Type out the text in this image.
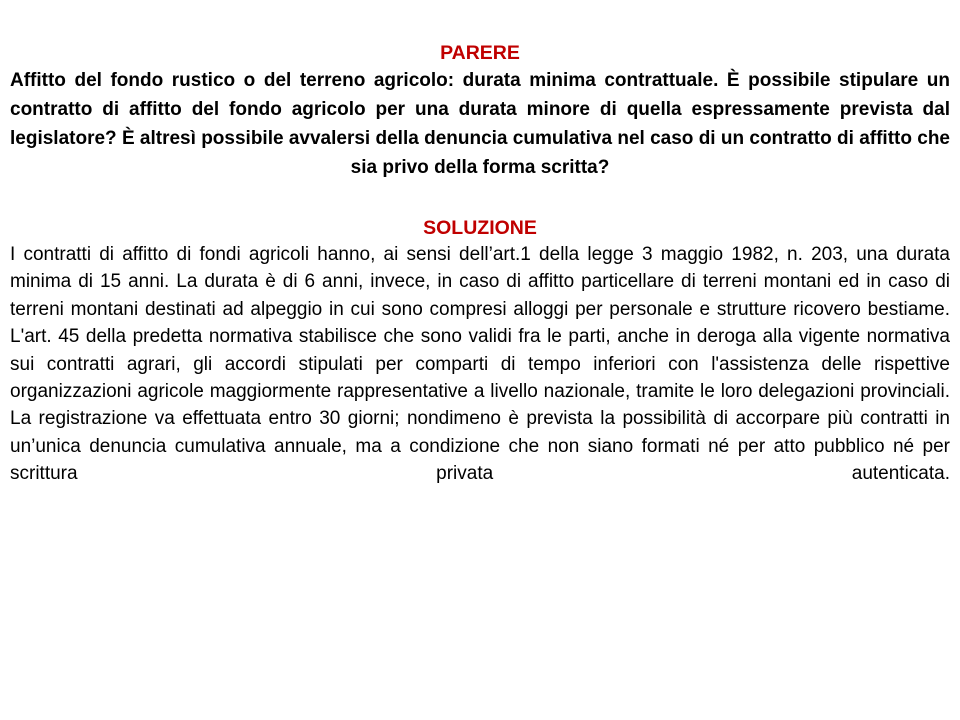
PARERE

Affitto del fondo rustico o del terreno agricolo: durata minima contrattuale. È possibile stipulare un contratto di affitto del fondo agricolo per una durata minore di quella espressamente prevista dal legislatore? È altresì possibile avvalersi della denuncia cumulativa nel caso di un contratto di affitto che sia privo della forma scritta?

SOLUZIONE

I contratti di affitto di fondi agricoli hanno, ai sensi dell’art.1 della legge 3 maggio 1982, n. 203, una durata minima di 15 anni. La durata è di 6 anni, invece, in caso di affitto particellare di terreni montani ed in caso di terreni montani destinati ad alpeggio in cui sono compresi alloggi per personale e strutture ricovero bestiame. L'art. 45 della predetta normativa stabilisce che sono validi fra le parti, anche in deroga alla vigente normativa sui contratti agrari, gli accordi stipulati per comparti di tempo inferiori con l'assistenza delle rispettive organizzazioni agricole maggiormente rappresentative a livello nazionale, tramite le loro delegazioni provinciali. La registrazione va effettuata entro 30 giorni; nondimeno è prevista la possibilità di accorpare più contratti in un’unica denuncia cumulativa annuale, ma a condizione che non siano formati né per atto pubblico né per scrittura privata autenticata.
